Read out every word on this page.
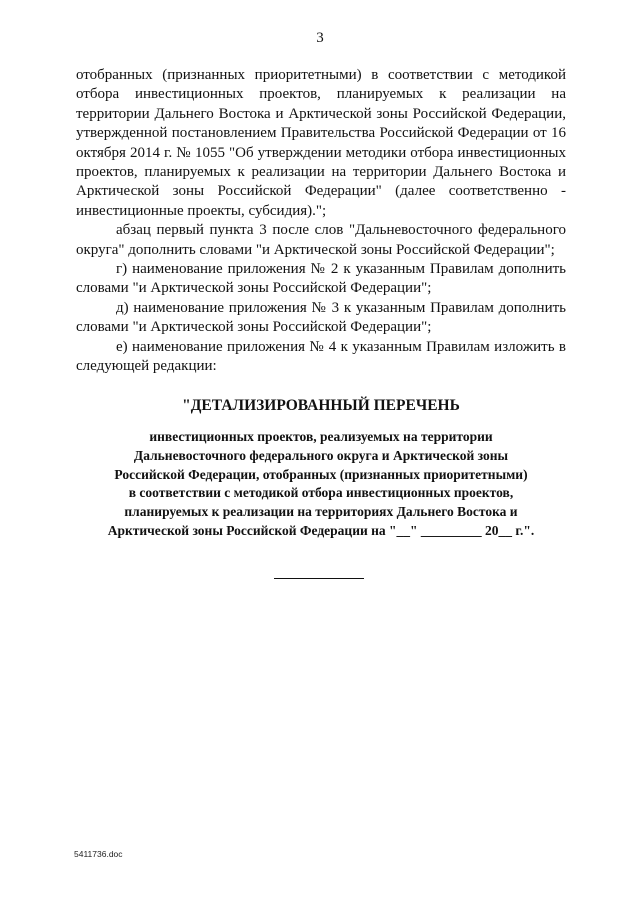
3

отобранных (признанных приоритетными) в соответствии с методикой отбора инвестиционных проектов, планируемых к реализации на территории Дальнего Востока и Арктической зоны Российской Федерации, утвержденной постановлением Правительства Российской Федерации от 16 октября 2014 г. № 1055 "Об утверждении методики отбора инвестиционных проектов, планируемых к реализации на территории Дальнего Востока и Арктической зоны Российской Федерации" (далее соответственно - инвестиционные проекты, субсидия).";

абзац первый пункта 3 после слов "Дальневосточного федерального округа" дополнить словами "и Арктической зоны Российской Федерации";

г) наименование приложения № 2 к указанным Правилам дополнить словами "и Арктической зоны Российской Федерации";

д) наименование приложения № 3 к указанным Правилам дополнить словами "и Арктической зоны Российской Федерации";

е) наименование приложения № 4 к указанным Правилам изложить в следующей редакции:

"ДЕТАЛИЗИРОВАННЫЙ ПЕРЕЧЕНЬ
инвестиционных проектов, реализуемых на территории
Дальневосточного федерального округа и Арктической зоны
Российской Федерации, отобранных (признанных приоритетными)
в соответствии с методикой отбора инвестиционных проектов,
планируемых к реализации на территориях Дальнего Востока и
Арктической зоны Российской Федерации на "__" _________ 20__ г.".
5411736.doc
